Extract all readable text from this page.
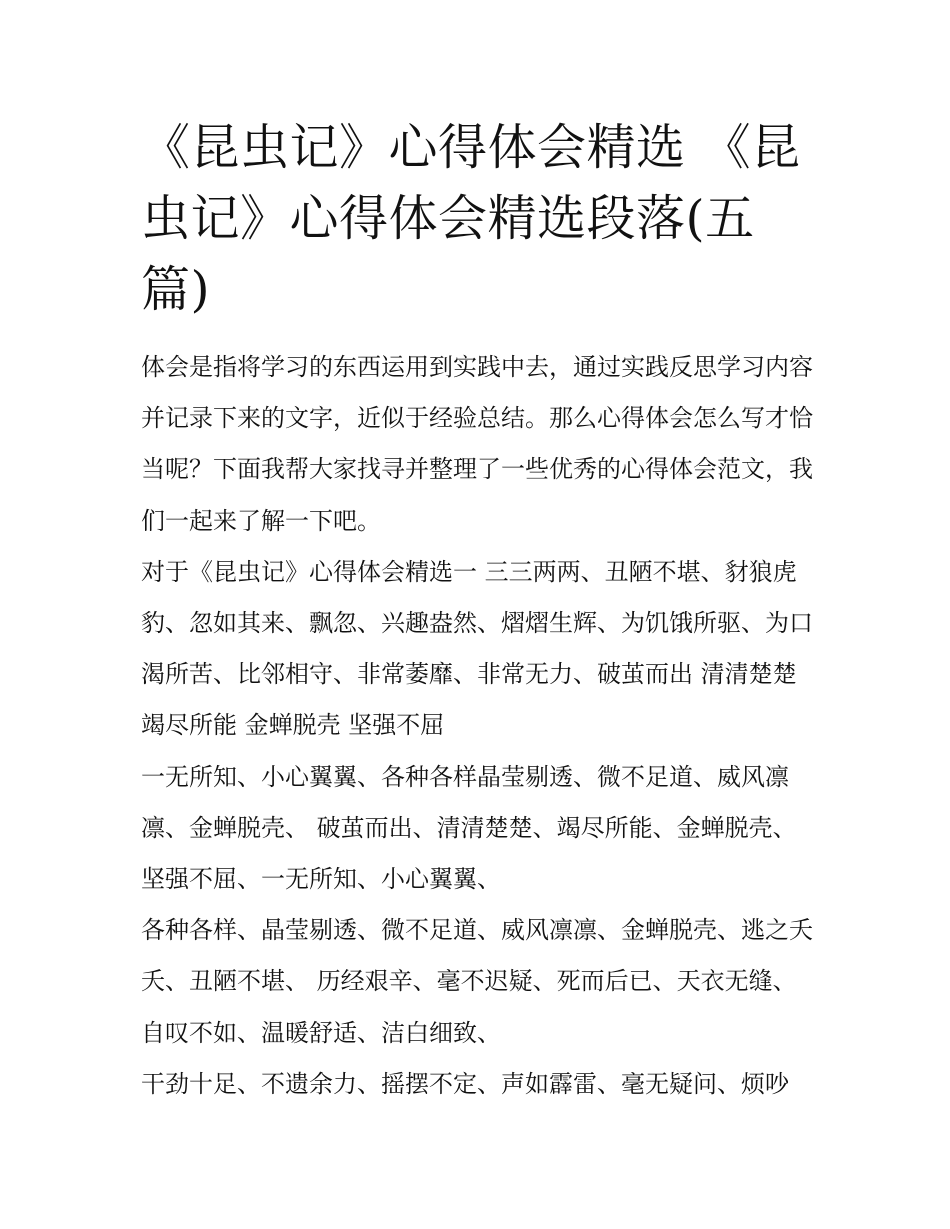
《昆虫记》心得体会精选 《昆虫记》心得体会精选段落(五篇)

体会是指将学习的东西运用到实践中去，通过实践反思学习内容并记录下来的文字，近似于经验总结。那么心得体会怎么写才恰当呢？下面我帮大家找寻并整理了一些优秀的心得体会范文，我们一起来了解一下吧。

对于《昆虫记》心得体会精选一 三三两两、丑陋不堪、豺狼虎豹、忽如其来、飘忽、兴趣盎然、熠熠生辉、为饥饿所驱、为口渴所苦、比邻相守、非常萎靡、非常无力、破茧而出 清清楚楚 竭尽所能 金蝉脱壳 坚强不屈

一无所知、小心翼翼、各种各样晶莹剔透、微不足道、威风凛凛、金蝉脱壳、 破茧而出、清清楚楚、竭尽所能、金蝉脱壳、坚强不屈、一无所知、小心翼翼、

各种各样、晶莹剔透、微不足道、威风凛凛、金蝉脱壳、逃之夭夭、丑陋不堪、 历经艰辛、毫不迟疑、死而后已、天衣无缝、自叹不如、温暖舒适、洁白细致、

干劲十足、不遗余力、摇摆不定、声如霹雷、毫无疑问、烦吵
